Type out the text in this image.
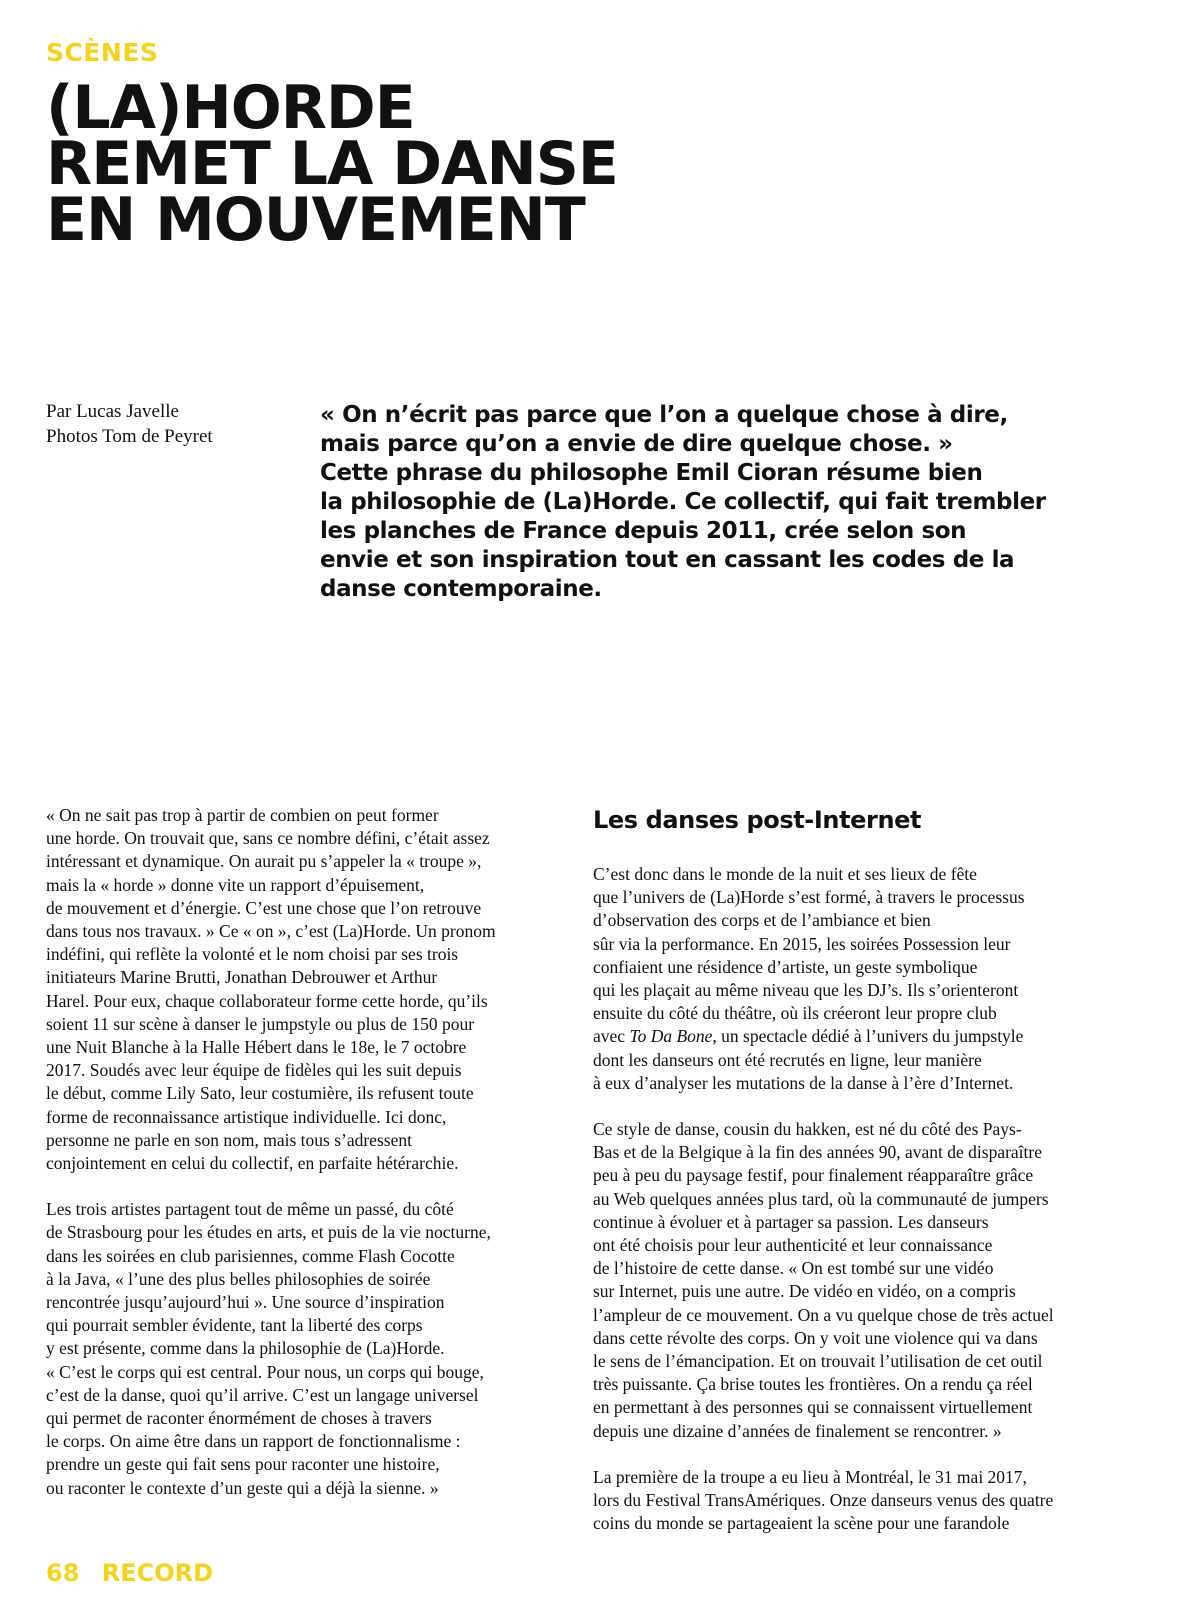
SCÈNES
(LA)HORDE
REMET LA DANSE
EN MOUVEMENT
Par Lucas Javelle
Photos Tom de Peyret
« On n’écrit pas parce que l’on a quelque chose à dire,
mais parce qu’on a envie de dire quelque chose. »
Cette phrase du philosophe Emil Cioran résume bien
la philosophie de (La)Horde. Ce collectif, qui fait trembler
les planches de France depuis 2011, crée selon son
envie et son inspiration tout en cassant les codes de la
danse contemporaine.

« On ne sait pas trop à partir de combien on peut former
une horde. On trouvait que, sans ce nombre défini, c’était assez
intéressant et dynamique. On aurait pu s’appeler la « troupe »,
mais la « horde » donne vite un rapport d’épuisement,
de mouvement et d’énergie. C’est une chose que l’on retrouve
dans tous nos travaux. » Ce « on », c’est (La)Horde. Un pronom
indéfini, qui reflète la volonté et le nom choisi par ses trois
initiateurs Marine Brutti, Jonathan Debrouwer et Arthur
Harel. Pour eux, chaque collaborateur forme cette horde, qu’ils
soient 11 sur scène à danser le jumpstyle ou plus de 150 pour
une Nuit Blanche à la Halle Hébert dans le 18e, le 7 octobre
2017. Soudés avec leur équipe de fidèles qui les suit depuis
le début, comme Lily Sato, leur costumière, ils refusent toute
forme de reconnaissance artistique individuelle. Ici donc,
personne ne parle en son nom, mais tous s’adressent
conjointement en celui du collectif, en parfaite hétérarchie.

Les trois artistes partagent tout de même un passé, du côté
de Strasbourg pour les études en arts, et puis de la vie nocturne,
dans les soirées en club parisiennes, comme Flash Cocotte
à la Java, « l’une des plus belles philosophies de soirée
rencontrée jusqu’aujourd’hui ». Une source d’inspiration
qui pourrait sembler évidente, tant la liberté des corps
y est présente, comme dans la philosophie de (La)Horde.
« C’est le corps qui est central. Pour nous, un corps qui bouge,
c’est de la danse, quoi qu’il arrive. C’est un langage universel
qui permet de raconter énormément de choses à travers
le corps. On aime être dans un rapport de fonctionnalisme :
prendre un geste qui fait sens pour raconter une histoire,
ou raconter le contexte d’un geste qui a déjà la sienne. »

Les danses post-Internet

C’est donc dans le monde de la nuit et ses lieux de fête
que l’univers de (La)Horde s’est formé, à travers le processus
d’observation des corps et de l’ambiance et bien
sûr via la performance. En 2015, les soirées Possession leur
confiaient une résidence d’artiste, un geste symbolique
qui les plaçait au même niveau que les DJ’s. Ils s’orienteront
ensuite du côté du théâtre, où ils créeront leur propre club
avec To Da Bone, un spectacle dédié à l’univers du jumpstyle
dont les danseurs ont été recrutés en ligne, leur manière
à eux d’analyser les mutations de la danse à l’ère d’Internet.

Ce style de danse, cousin du hakken, est né du côté des Pays-
Bas et de la Belgique à la fin des années 90, avant de disparaître
peu à peu du paysage festif, pour finalement réapparaître grâce
au Web quelques années plus tard, où la communauté de jumpers
continue à évoluer et à partager sa passion. Les danseurs
ont été choisis pour leur authenticité et leur connaissance
de l’histoire de cette danse. « On est tombé sur une vidéo
sur Internet, puis une autre. De vidéo en vidéo, on a compris
l’ampleur de ce mouvement. On a vu quelque chose de très actuel
dans cette révolte des corps. On y voit une violence qui va dans
le sens de l’émancipation. Et on trouvait l’utilisation de cet outil
très puissante. Ça brise toutes les frontières. On a rendu ça réel
en permettant à des personnes qui se connaissent virtuellement
depuis une dizaine d’années de finalement se rencontrer. »

La première de la troupe a eu lieu à Montréal, le 31 mai 2017,
lors du Festival TransAmériques. Onze danseurs venus des quatre
coins du monde se partageaient la scène pour une farandole

68 RECORD
